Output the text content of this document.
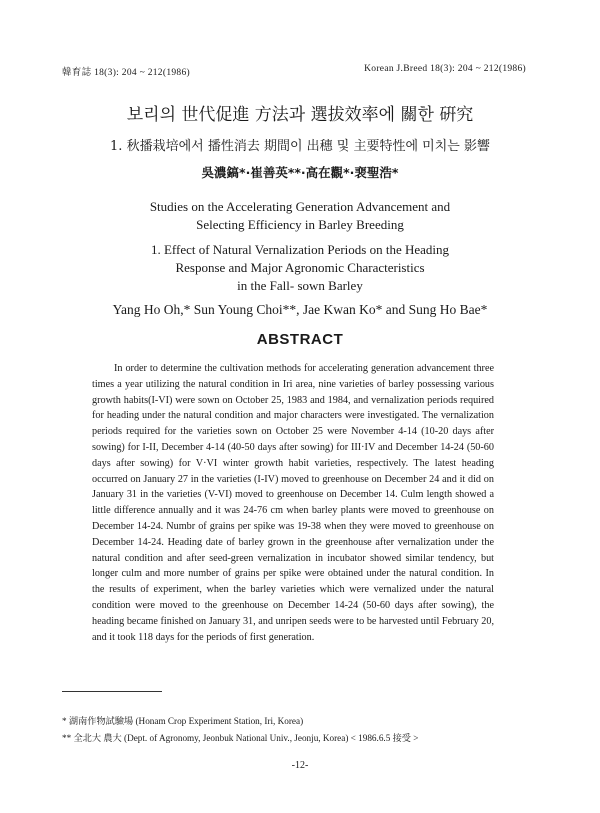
韓育誌 18(3): 204 ~ 212(1986)	Korean J.Breed 18(3): 204 ~ 212(1986)
보리의 世代促進 方法과 選拔效率에 關한 硏究
1. 秋播栽培에서 播性消去 期間이 出穗 및 主要特性에 미치는 影響
吳濃鎬*·崔善英**·高在觀*·裵聖浩*
Studies on the Accelerating Generation Advancement and
Selecting Efficiency in Barley Breeding
1. Effect of Natural Vernalization Periods on the Heading
Response and Major Agronomic Characteristics
in the Fall- sown Barley
Yang Ho Oh,* Sun Young Choi**, Jae Kwan Ko* and Sung Ho Bae*
ABSTRACT

In order to determine the cultivation methods for accelerating generation advancement three times a year utilizing the natural condition in Iri area, nine varieties of barley possessing various growth habits(I-VI) were sown on October 25, 1983 and 1984, and vernalization periods required for heading under the natural condition and major characters were investigated. The vernalization periods required for the varieties sown on October 25 were November 4-14 (10-20 days after sowing) for I-II, December 4-14 (40-50 days after sowing) for III·IV and December 14-24 (50-60 days after sowing) for V·VI winter growth habit varieties, respectively. The latest heading occurred on January 27 in the varieties (I-IV) moved to greenhouse on December 24 and it did on January 31 in the varieties (V-VI) moved to greenhouse on December 14. Culm length showed a little difference annually and it was 24-76 cm when barley plants were moved to greenhouse on December 14-24. Numbr of grains per spike was 19-38 when they were moved to greenhouse on December 14-24. Heading date of barley grown in the greenhouse after vernalization under the natural condition and after seed-green vernalization in incubator showed similar tendency, but longer culm and more number of grains per spike were obtained under the natural condition. In the results of experiment, when the barley varieties which were vernalized under the natural condition were moved to the greenhouse on December 14-24 (50-60 days after sowing), the heading became finished on January 31, and unripen seeds were to be harvested until February 20, and it took 118 days for the periods of first generation.

* 湖南作物試驗場 (Honam Crop Experiment Station, Iri, Korea)
** 全北大 農大 (Dept. of Agronomy, Jeonbuk National Univ., Jeonju, Korea) < 1986.6.5 接受 >
-12-
